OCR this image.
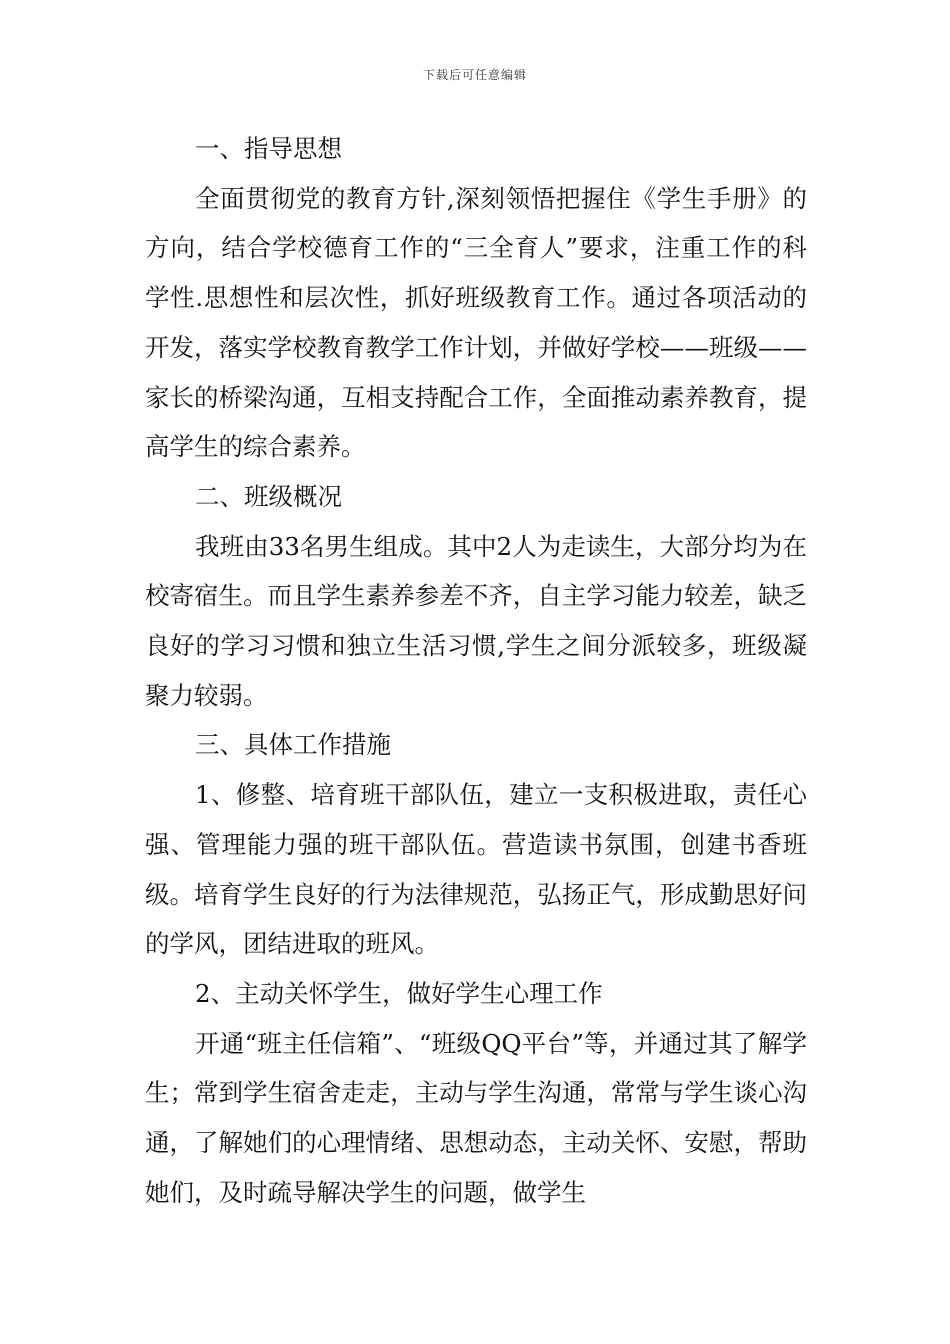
下载后可任意编辑

一、指导思想

全面贯彻党的教育方针,深刻领悟把握住《学生手册》的方向，结合学校德育工作的“三全育人”要求，注重工作的科学性.思想性和层次性，抓好班级教育工作。通过各项活动的开发，落实学校教育教学工作计划，并做好学校——班级——家长的桥梁沟通，互相支持配合工作，全面推动素养教育，提高学生的综合素养。

二、班级概况

我班由33名男生组成。其中2人为走读生，大部分均为在校寄宿生。而且学生素养参差不齐，自主学习能力较差，缺乏良好的学习习惯和独立生活习惯,学生之间分派较多，班级凝聚力较弱。

三、具体工作措施

1、修整、培育班干部队伍，建立一支积极进取，责任心强、管理能力强的班干部队伍。营造读书氛围，创建书香班级。培育学生良好的行为法律规范，弘扬正气，形成勤思好问的学风，团结进取的班风。

2、主动关怀学生，做好学生心理工作

开通“班主任信箱”、“班级QQ平台”等，并通过其了解学生；常到学生宿舍走走，主动与学生沟通，常常与学生谈心沟通，了解她们的心理情绪、思想动态，主动关怀、安慰，帮助她们，及时疏导解决学生的问题，做学生
